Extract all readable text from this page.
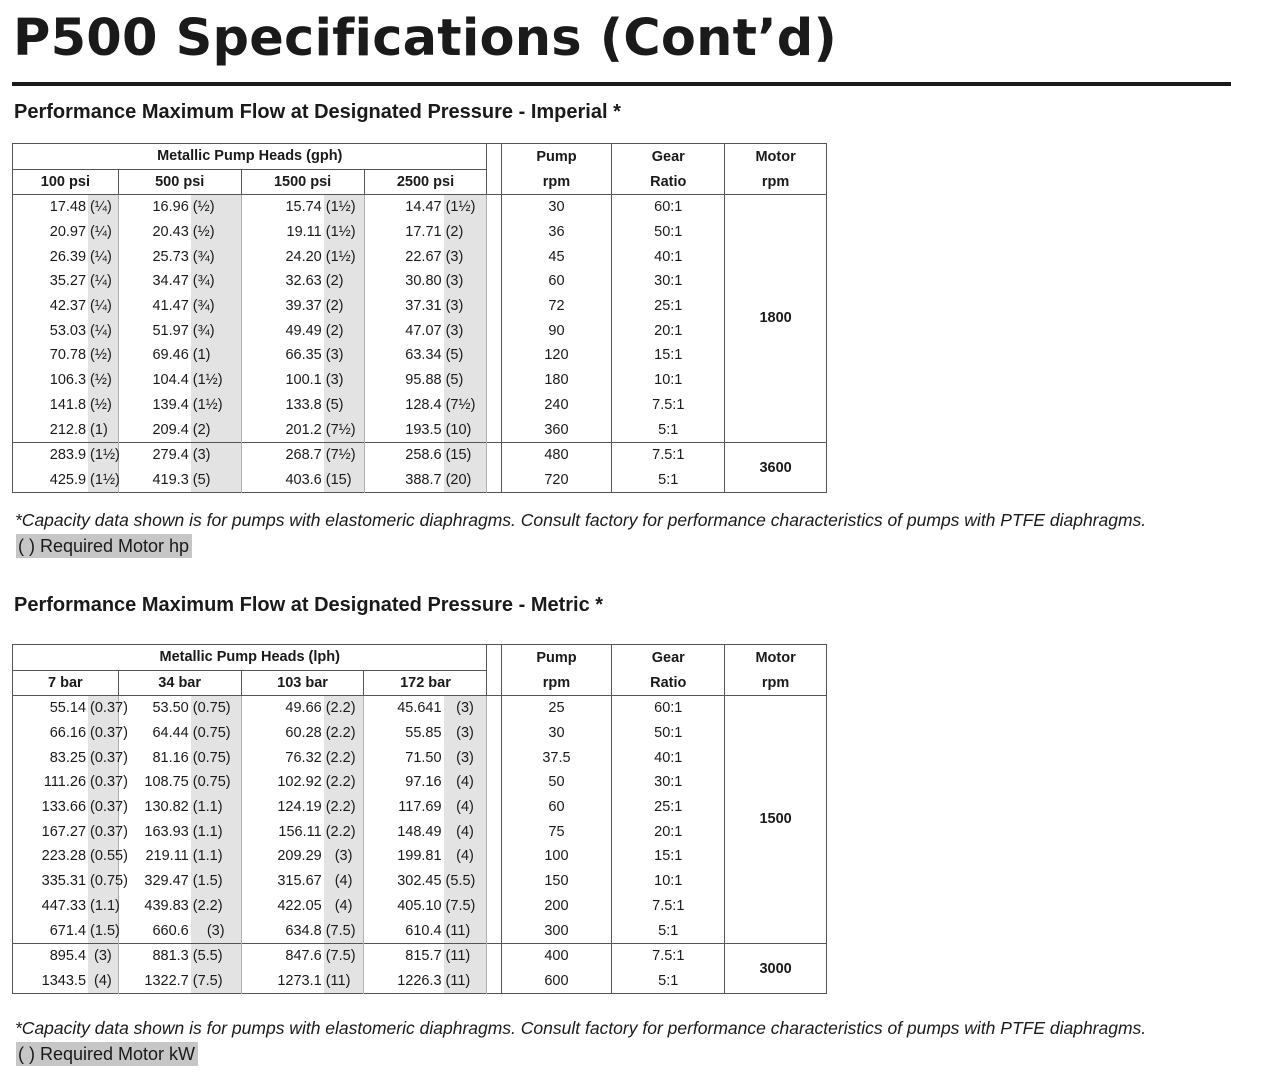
P500 Specifications (Cont’d)
Performance Maximum Flow at Designated Pressure - Imperial *
Metallic Pump Heads (gph)									Pump	Gear	Motor
100 psi		500 psi		1500 psi		2500 psi			rpm	Ratio	rpm
17.48	(¼)	16.96	(½)	15.74	(1½)	14.47	(1½)		30	60:1	1800
20.97	(¼)	20.43	(½)	19.11	(1½)	17.71	(2)		36	50:1	
26.39	(¼)	25.73	(¾)	24.20	(1½)	22.67	(3)		45	40:1	
35.27	(¼)	34.47	(¾)	32.63	(2)	30.80	(3)		60	30:1	
42.37	(¼)	41.47	(¾)	39.37	(2)	37.31	(3)		72	25:1	
53.03	(¼)	51.97	(¾)	49.49	(2)	47.07	(3)		90	20:1	
70.78	(½)	69.46	(1)	66.35	(3)	63.34	(5)		120	15:1	
106.3	(½)	104.4	(1½)	100.1	(3)	95.88	(5)		180	10:1	
141.8	(½)	139.4	(1½)	133.8	(5)	128.4	(7½)		240	7.5:1	
212.8	(1)	209.4	(2)	201.2	(7½)	193.5	(10)		360	5:1	
283.9	(1½)	279.4	(3)	268.7	(7½)	258.6	(15)		480	7.5:1	3600
425.9	(1½)	419.3	(5)	403.6	(15)	388.7	(20)		720	5:1	

*Capacity data shown is for pumps with elastomeric diaphragms. Consult factory for performance characteristics of pumps with PTFE diaphragms.

( ) Required Motor hp

Performance Maximum Flow at Designated Pressure - Metric *
Metallic Pump Heads (lph)									Pump	Gear	Motor
7 bar		34 bar		103 bar		172 bar			rpm	Ratio	rpm
55.14	(0.37)	53.50	(0.75)	49.66	(2.2)	45.641	(3)		25	60:1	1500
66.16	(0.37)	64.44	(0.75)	60.28	(2.2)	55.85	(3)		30	50:1	
83.25	(0.37)	81.16	(0.75)	76.32	(2.2)	71.50	(3)		37.5	40:1	
111.26	(0.37)	108.75	(0.75)	102.92	(2.2)	97.16	(4)		50	30:1	
133.66	(0.37)	130.82	(1.1)	124.19	(2.2)	117.69	(4)		60	25:1	
167.27	(0.37)	163.93	(1.1)	156.11	(2.2)	148.49	(4)		75	20:1	
223.28	(0.55)	219.11	(1.1)	209.29	(3)	199.81	(4)		100	15:1	
335.31	(0.75)	329.47	(1.5)	315.67	(4)	302.45	(5.5)		150	10:1	
447.33	(1.1)	439.83	(2.2)	422.05	(4)	405.10	(7.5)		200	7.5:1	
671.4	(1.5)	660.6	(3)	634.8	(7.5)	610.4	(11)		300	5:1	
895.4	(3)	881.3	(5.5)	847.6	(7.5)	815.7	(11)		400	7.5:1	3000
1343.5	(4)	1322.7	(7.5)	1273.1	(11)	1226.3	(11)		600	5:1	

*Capacity data shown is for pumps with elastomeric diaphragms. Consult factory for performance characteristics of pumps with PTFE diaphragms.

( ) Required Motor kW
